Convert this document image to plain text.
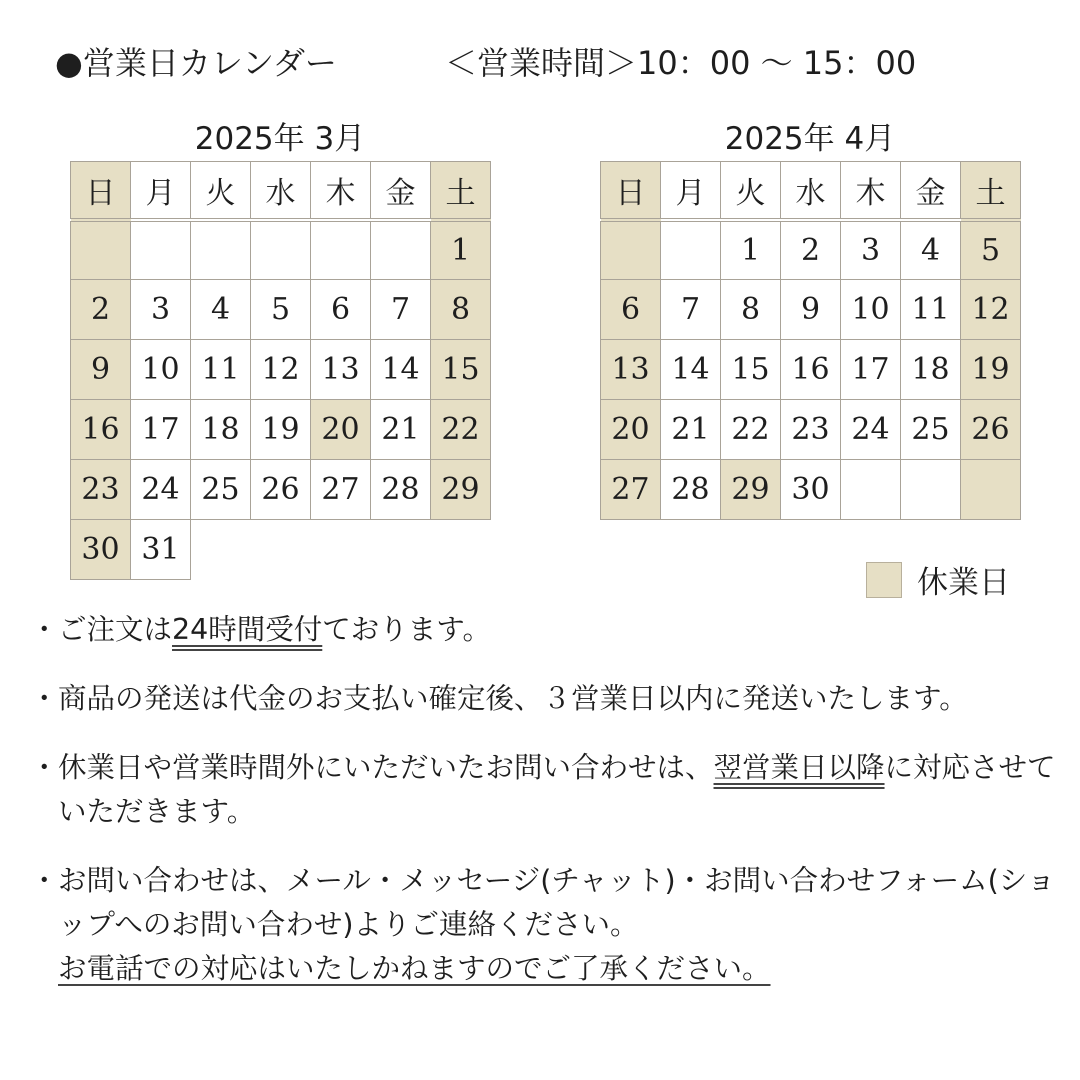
●営業日カレンダー	＜営業時間＞10：00 ～ 15：00
2025年 3月
日	月	火	水	木	金	土
						1
2	3	4	5	6	7	8
9	10	11	12	13	14	15
16	17	18	19	20	21	22
23	24	25	26	27	28	29
30	31					
2025年 4月
日	月	火	水	木	金	土
		1	2	3	4	5
6	7	8	9	10	11	12
13	14	15	16	17	18	19
20	21	22	23	24	25	26
27	28	29	30			
休業日
・ ご注文は24時間受付ております。
・ 商品の発送は代金のお支払い確定後、３営業日以内に発送いたします。
・ 休業日や営業時間外にいただいたお問い合わせは、翌営業日以降に対応させていただきます。
・ お問い合わせは、メール・メッセージ(チャット)・お問い合わせフォーム(ショップへのお問い合わせ)よりご連絡ください。
お電話での対応はいたしかねますのでご了承ください。
